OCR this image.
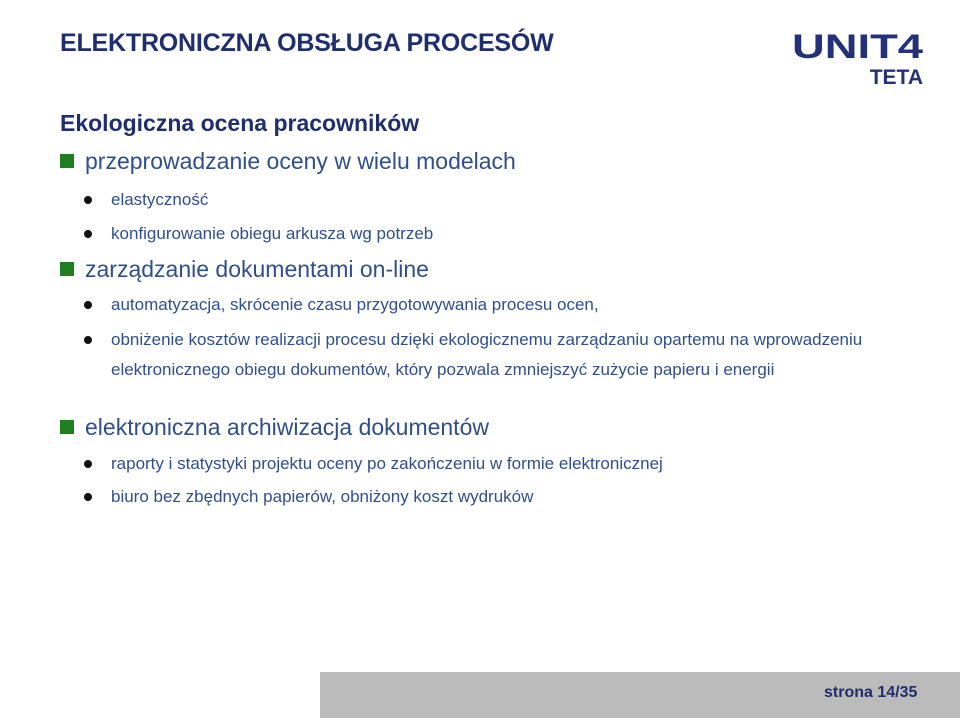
ELEKTRONICZNA OBSŁUGA PROCESÓW	UNIT4
TETA
Ekologiczna ocena pracowników
przeprowadzanie oceny w wielu modelach
elastyczność
konfigurowanie obiegu arkusza wg potrzeb
zarządzanie dokumentami on-line
automatyzacja, skrócenie czasu przygotowywania procesu ocen,
obniżenie kosztów realizacji procesu dzięki ekologicznemu zarządzaniu opartemu na wprowadzeniu elektronicznego obiegu dokumentów, który pozwala zmniejszyć zużycie papieru i energii
elektroniczna archiwizacja dokumentów
raporty i statystyki projektu oceny po zakończeniu w formie elektronicznej
biuro bez zbędnych papierów, obniżony koszt wydruków
strona 14/35
